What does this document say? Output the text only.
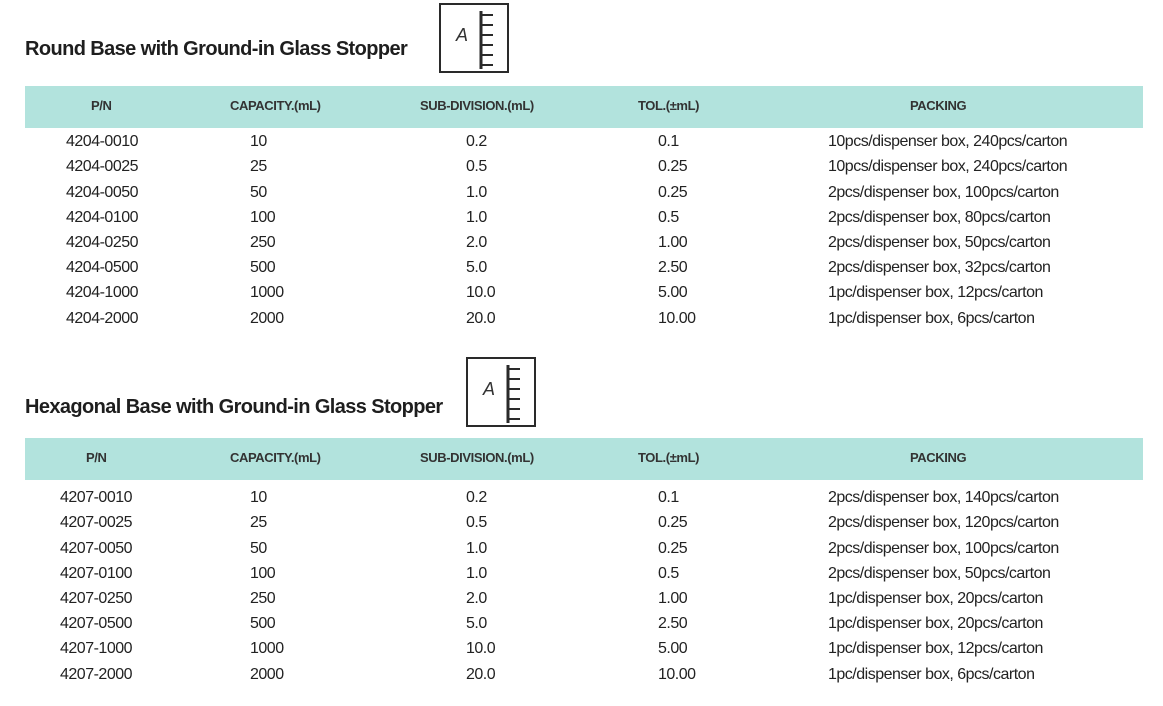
Round Base with Ground-in Glass Stopper
A
P/N	CAPACITY.(mL)	SUB-DIVISION.(mL)	TOL.(±mL)	PACKING
4204-0010	10	0.2	0.1	10pcs/dispenser box, 240pcs/carton
4204-0025	25	0.5	0.25	10pcs/dispenser box, 240pcs/carton
4204-0050	50	1.0	0.25	2pcs/dispenser box, 100pcs/carton
4204-0100	100	1.0	0.5	2pcs/dispenser box, 80pcs/carton
4204-0250	250	2.0	1.00	2pcs/dispenser box, 50pcs/carton
4204-0500	500	5.0	2.50	2pcs/dispenser box, 32pcs/carton
4204-1000	1000	10.0	5.00	1pc/dispenser box, 12pcs/carton
4204-2000	2000	20.0	10.00	1pc/dispenser box, 6pcs/carton
Hexagonal Base with Ground-in Glass Stopper
A
P/N	CAPACITY.(mL)	SUB-DIVISION.(mL)	TOL.(±mL)	PACKING
4207-0010	10	0.2	0.1	2pcs/dispenser box, 140pcs/carton
4207-0025	25	0.5	0.25	2pcs/dispenser box, 120pcs/carton
4207-0050	50	1.0	0.25	2pcs/dispenser box, 100pcs/carton
4207-0100	100	1.0	0.5	2pcs/dispenser box, 50pcs/carton
4207-0250	250	2.0	1.00	1pc/dispenser box, 20pcs/carton
4207-0500	500	5.0	2.50	1pc/dispenser box, 20pcs/carton
4207-1000	1000	10.0	5.00	1pc/dispenser box, 12pcs/carton
4207-2000	2000	20.0	10.00	1pc/dispenser box, 6pcs/carton
